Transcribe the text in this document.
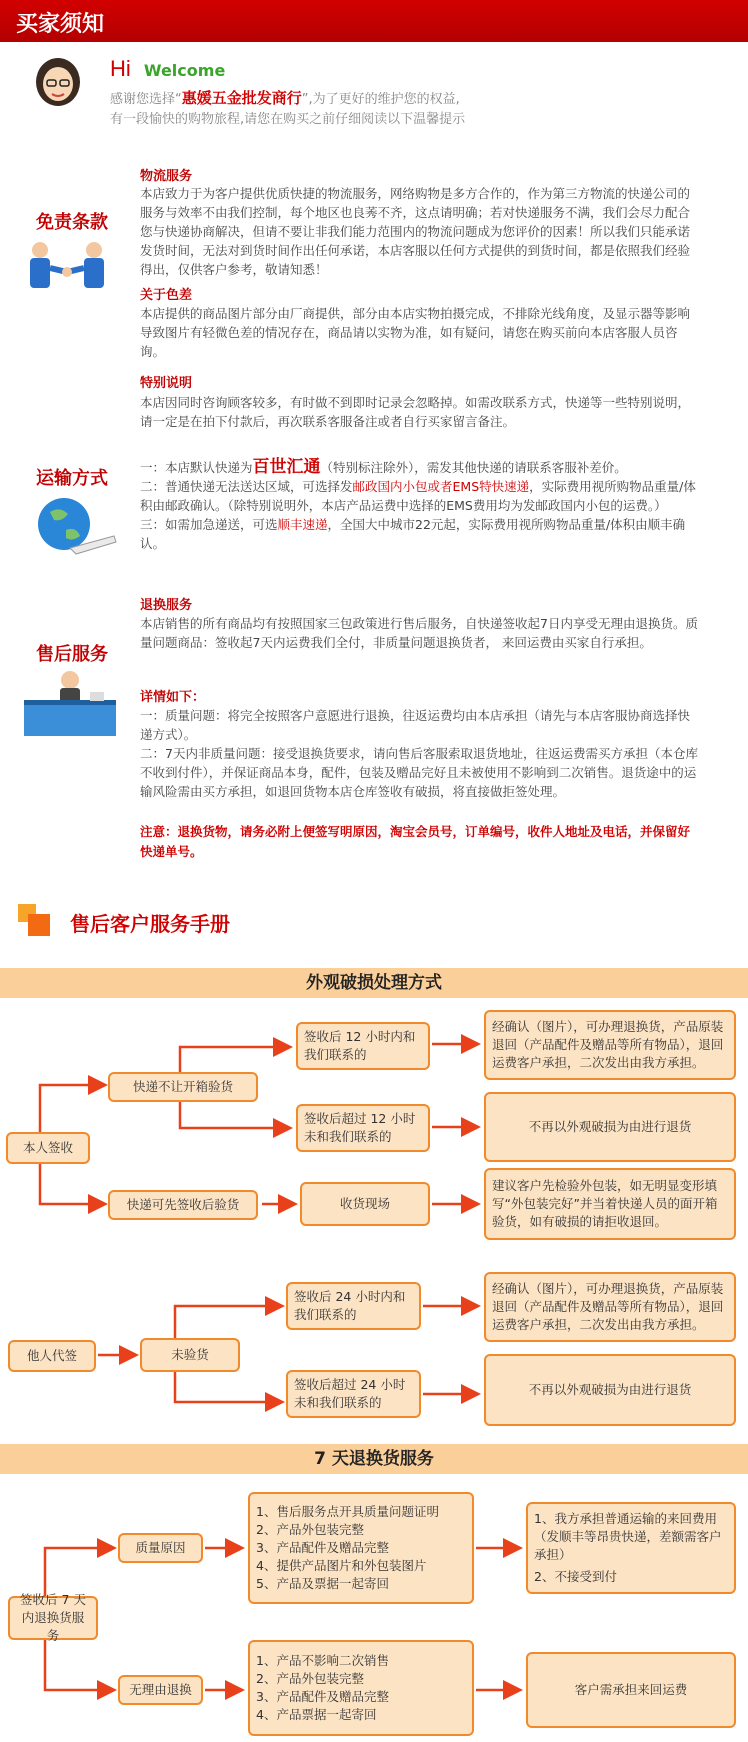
买家须知
Hi Welcome
感谢您选择“惠媛五金批发商行”,为了更好的维护您的权益,
有一段愉快的购物旅程,请您在购买之前仔细阅读以下温馨提示
免责条款
物流服务
本店致力于为客户提供优质快捷的物流服务，网络购物是多方合作的，作为第三方物流的快递公司的服务与效率不由我们控制，每个地区也良莠不齐，这点请明确；若对快递服务不满，我们会尽力配合您与快递协商解决，但请不要让非我们能力范围内的物流问题成为您评价的因素！所以我们只能承诺发货时间，无法对到货时间作出任何承诺，本店客服以任何方式提供的到货时间，都是依照我们经验得出，仅供客户参考，敬请知悉！
关于色差
本店提供的商品图片部分由厂商提供，部分由本店实物拍摄完成，不排除光线角度，及显示器等影响导致图片有轻微色差的情况存在，商品请以实物为准，如有疑问，请您在购买前向本店客服人员咨询。
特别说明
本店因同时咨询顾客较多，有时做不到即时记录会忽略掉。如需改联系方式，快递等一些特别说明，请一定是在拍下付款后，再次联系客服备注或者自行买家留言备注。
运输方式
一：本店默认快递为百世汇通（特别标注除外），需发其他快递的请联系客服补差价。
二：普通快递无法送达区域，可选择发邮政国内小包或者EMS特快速递，实际费用视所购物品重量/体积由邮政确认。（除特别说明外，本店产品运费中选择的EMS费用均为发邮政国内小包的运费。）
三：如需加急递送，可选顺丰速递，全国大中城市22元起，实际费用视所购物品重量/体积由顺丰确认。
售后服务
退换服务
本店销售的所有商品均有按照国家三包政策进行售后服务，自快递签收起7日内享受无理由退换货。质量问题商品：签收起7天内运费我们全付，非质量问题退换货者， 来回运费由买家自行承担。
详情如下：
一：质量问题：将完全按照客户意愿进行退换，往返运费均由本店承担（请先与本店客服协商选择快递方式）。
二：7天内非质量问题：接受退换货要求，请向售后客服索取退货地址，往返运费需买方承担（本仓库不收到付件），并保证商品本身，配件，包装及赠品完好且未被使用不影响到二次销售。退货途中的运输风险需由买方承担，如退回货物本店仓库签收有破损，将直接做拒签处理。
注意：退换货物，请务必附上便签写明原因，淘宝会员号，订单编号，收件人地址及电话，并保留好快递单号。
售后客户服务手册
外观破损处理方式
本人签收
快递不让开箱验货
快递可先签收后验货
签收后 12 小时内和我们联系的
签收后超过 12 小时未和我们联系的
收货现场
经确认（图片），可办理退换货，产品原装退回（产品配件及赠品等所有物品），退回运费客户承担，二次发出由我方承担。
不再以外观破损为由进行退货
建议客户先检验外包装，如无明显变形填写“外包装完好”并当着快递人员的面开箱验货，如有破损的请拒收退回。
他人代签	未验货
签收后 24 小时内和我们联系的
签收后超过 24 小时未和我们联系的
经确认（图片），可办理退换货，产品原装退回（产品配件及赠品等所有物品），退回运费客户承担，二次发出由我方承担。
不再以外观破损为由进行退货
7 天退换货服务
签收后 7 天内退换货服务
质量原因
无理由退换
1、售后服务点开具质量问题证明
2、产品外包装完整
3、产品配件及赠品完整
4、提供产品图片和外包装图片
5、产品及票据一起寄回
1、产品不影响二次销售
2、产品外包装完整
3、产品配件及赠品完整
4、产品票据一起寄回
1、我方承担普通运输的来回费用（发顺丰等昂贵快递，差额需客户承担）
2、不接受到付
客户需承担来回运费
